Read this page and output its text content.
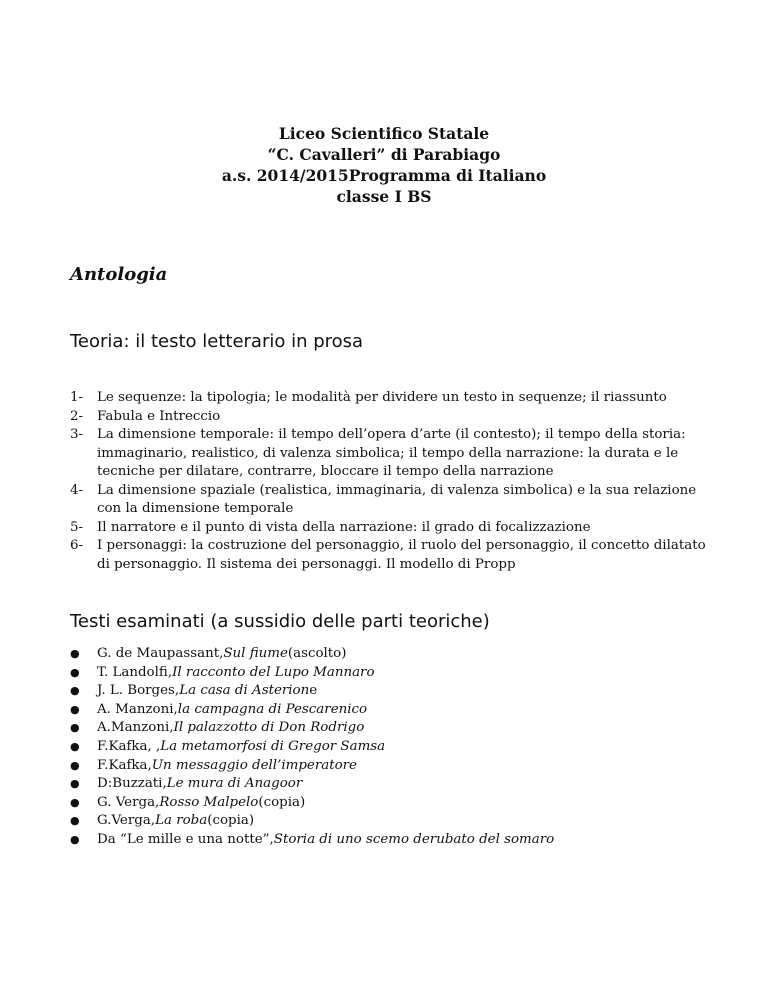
Liceo Scientifico Statale
“C. Cavalleri” di Parabiago
a.s. 2014/2015Programma di Italiano
classe I BS
Antologia
Teoria: il testo letterario in prosa
1-	Le sequenze: la tipologia; le modalità per dividere un testo in sequenze; il riassunto
2-	Fabula e Intreccio
3-	La dimensione temporale: il tempo dell’opera d’arte (il contesto); il tempo della storia: immaginario, realistico, di valenza simbolica; il tempo della narrazione: la durata e le tecniche per dilatare, contrarre, bloccare il tempo della narrazione
4-	La dimensione spaziale (realistica, immaginaria, di valenza simbolica) e la sua relazione con la dimensione temporale
5-	Il narratore e il punto di vista della narrazione: il grado di focalizzazione
6-	I personaggi: la costruzione del personaggio, il ruolo del personaggio, il concetto dilatato di personaggio. Il sistema dei personaggi. Il modello di Propp
Testi esaminati (a sussidio delle parti teoriche)
●	G. de Maupassant, Sul fiume (ascolto)
●	T. Landolfi, Il racconto del Lupo Mannaro
●	J. L. Borges, La casa di Asterion e
●	A. Manzoni, la campagna di Pescarenico
●	A.Manzoni, Il palazzotto di Don Rodrigo
●	F.Kafka, , La metamorfosi di Gregor Samsa
●	F.Kafka, Un messaggio dell’imperatore
●	D:Buzzati, Le mura di Anagoor
●	G. Verga, Rosso Malpelo (copia)
●	G.Verga, La roba (copia)
●	Da “Le mille e una notte”, Storia di uno scemo derubato del somaro
